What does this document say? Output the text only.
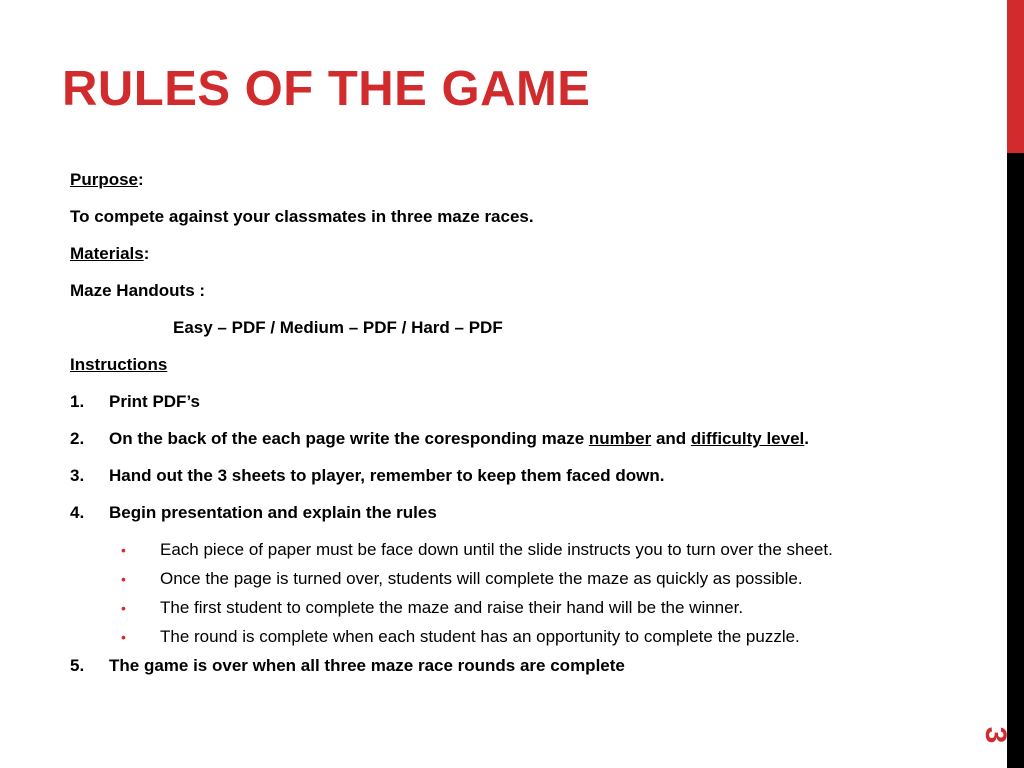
RULES OF THE GAME
Purpose:
To compete against your classmates in three maze races.
Materials:
Maze Handouts :
Easy – PDF / Medium – PDF / Hard – PDF
Instructions
1.	Print PDF’s
2.	On the back of the each page write the coresponding maze number and difficulty level.
3.	Hand out the 3 sheets to player, remember to keep them faced down.
4.	Begin presentation and explain the rules
•	Each piece of paper must be face down until the slide instructs you to turn over the sheet.
•	Once the page is turned over, students will complete the maze as quickly as possible.
•	The first student to complete the maze and raise their hand will be the winner.
•	The round is complete when each student has an opportunity to complete the puzzle.
5.	The game is over when all three maze race rounds are complete
3
